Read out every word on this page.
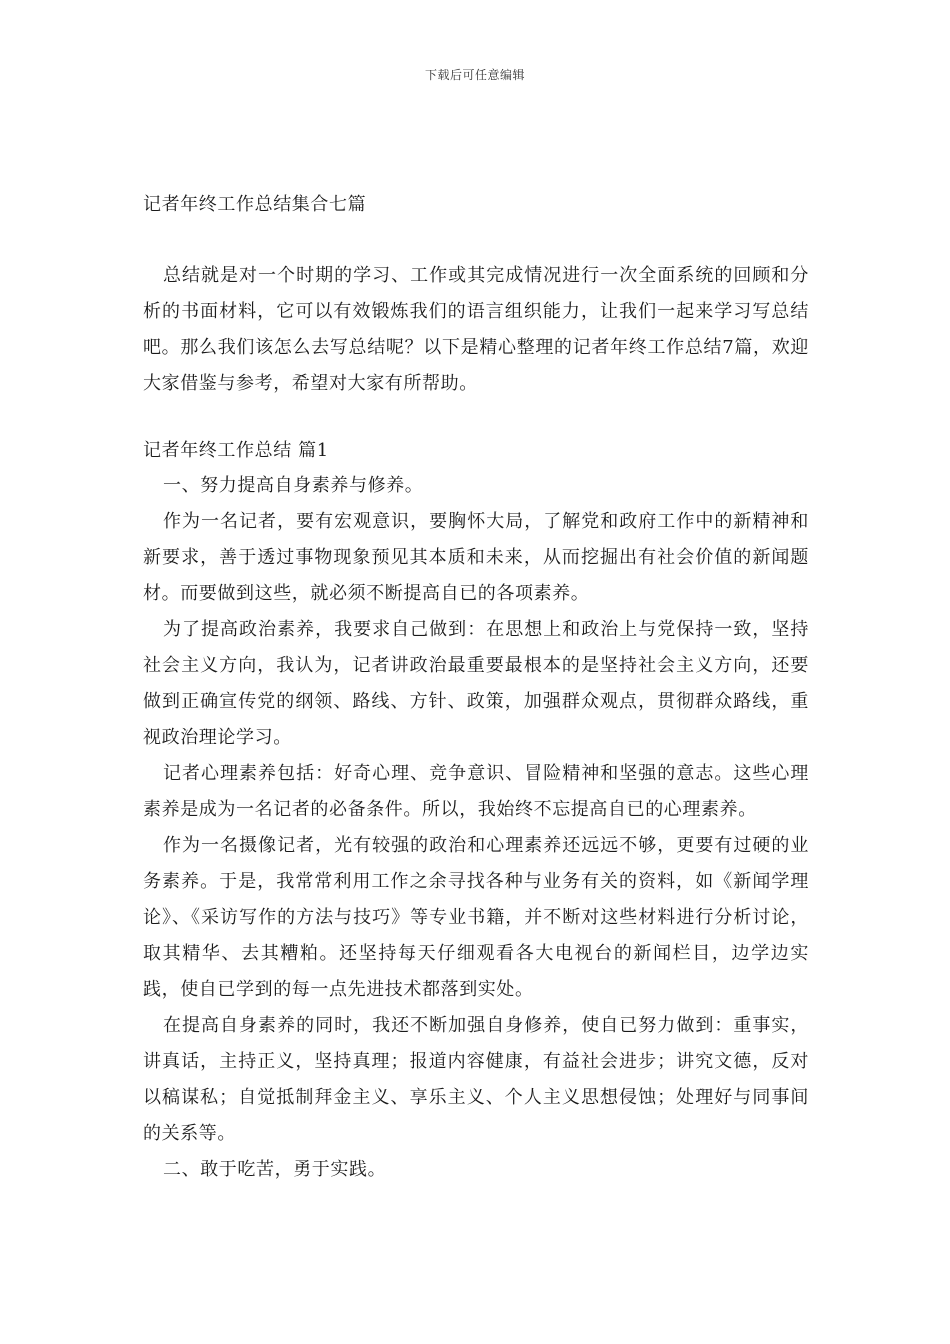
下载后可任意编辑
记者年终工作总结集合七篇

总结就是对一个时期的学习、工作或其完成情况进行一次全面系统的回顾和分析的书面材料，它可以有效锻炼我们的语言组织能力，让我们一起来学习写总结吧。那么我们该怎么去写总结呢？以下是精心整理的记者年终工作总结7篇，欢迎大家借鉴与参考，希望对大家有所帮助。

记者年终工作总结 篇1

一、努力提高自身素养与修养。

作为一名记者，要有宏观意识，要胸怀大局，了解党和政府工作中的新精神和新要求，善于透过事物现象预见其本质和未来，从而挖掘出有社会价值的新闻题材。而要做到这些，就必须不断提高自已的各项素养。

为了提高政治素养，我要求自己做到：在思想上和政治上与党保持一致，坚持社会主义方向，我认为，记者讲政治最重要最根本的是坚持社会主义方向，还要做到正确宣传党的纲领、路线、方针、政策，加强群众观点，贯彻群众路线，重视政治理论学习。

记者心理素养包括：好奇心理、竞争意识、冒险精神和坚强的意志。这些心理素养是成为一名记者的必备条件。所以，我始终不忘提高自已的心理素养。

作为一名摄像记者，光有较强的政治和心理素养还远远不够，更要有过硬的业务素养。于是，我常常利用工作之余寻找各种与业务有关的资料，如《新闻学理论》、《采访写作的方法与技巧》等专业书籍，并不断对这些材料进行分析讨论，取其精华、去其糟粕。还坚持每天仔细观看各大电视台的新闻栏目，边学边实践，使自已学到的每一点先进技术都落到实处。

在提高自身素养的同时，我还不断加强自身修养，使自已努力做到：重事实，讲真话，主持正义，坚持真理；报道内容健康，有益社会进步；讲究文德，反对以稿谋私；自觉抵制拜金主义、享乐主义、个人主义思想侵蚀；处理好与同事间的关系等。

二、敢于吃苦，勇于实践。
